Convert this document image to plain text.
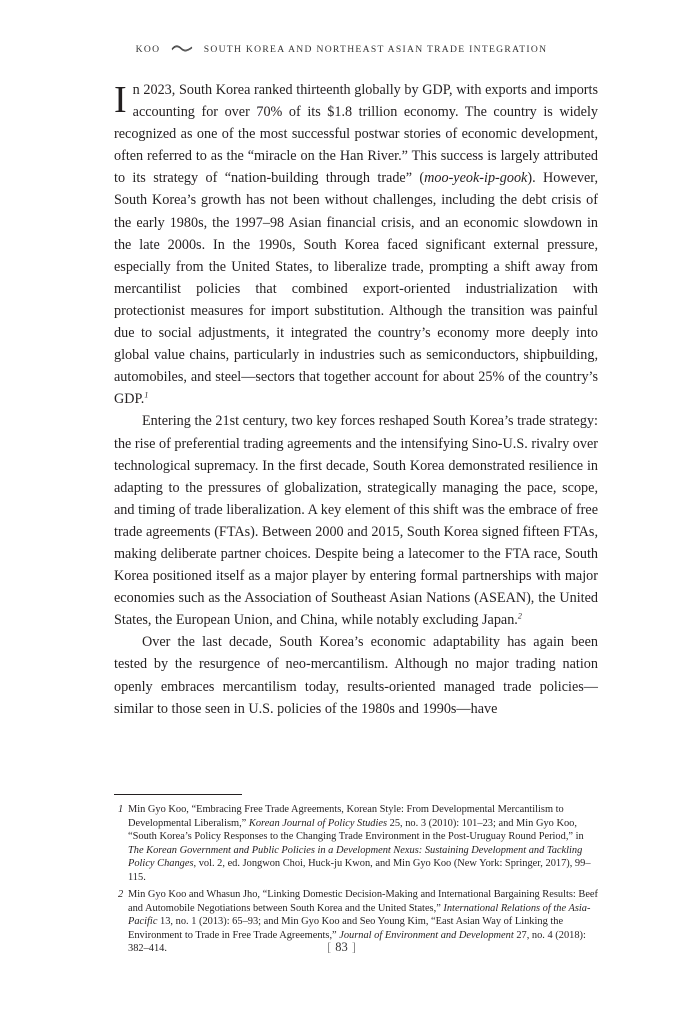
KOO	SOUTH KOREA AND NORTHEAST ASIAN TRADE INTEGRATION

In 2023, South Korea ranked thirteenth globally by GDP, with exports and imports accounting for over 70% of its $1.8 trillion economy. The country is widely recognized as one of the most successful postwar stories of economic development, often referred to as the “miracle on the Han River.” This success is largely attributed to its strategy of “nation-building through trade” (moo-yeok-ip-gook). However, South Korea’s growth has not been without challenges, including the debt crisis of the early 1980s, the 1997–98 Asian financial crisis, and an economic slowdown in the late 2000s. In the 1990s, South Korea faced significant external pressure, especially from the United States, to liberalize trade, prompting a shift away from mercantilist policies that combined export-oriented industrialization with protectionist measures for import substitution. Although the transition was painful due to social adjustments, it integrated the country’s economy more deeply into global value chains, particularly in industries such as semiconductors, shipbuilding, automobiles, and steel—sectors that together account for about 25% of the country’s GDP.$^1$

Entering the 21st century, two key forces reshaped South Korea’s trade strategy: the rise of preferential trading agreements and the intensifying Sino-U.S. rivalry over technological supremacy. In the first decade, South Korea demonstrated resilience in adapting to the pressures of globalization, strategically managing the pace, scope, and timing of trade liberalization. A key element of this shift was the embrace of free trade agreements (FTAs). Between 2000 and 2015, South Korea signed fifteen FTAs, making deliberate partner choices. Despite being a latecomer to the FTA race, South Korea positioned itself as a major player by entering formal partnerships with major economies such as the Association of Southeast Asian Nations (ASEAN), the United States, the European Union, and China, while notably excluding Japan.$^2$

Over the last decade, South Korea’s economic adaptability has again been tested by the resurgence of neo-mercantilism. Although no major trading nation openly embraces mercantilism today, results-oriented managed trade policies—similar to those seen in U.S. policies of the 1980s and 1990s—have

1 Min Gyo Koo, “Embracing Free Trade Agreements, Korean Style: From Developmental Mercantilism to Developmental Liberalism,” Korean Journal of Policy Studies 25, no. 3 (2010): 101–23; and Min Gyo Koo, “South Korea’s Policy Responses to the Changing Trade Environment in the Post-Uruguay Round Period,” in The Korean Government and Public Policies in a Development Nexus: Sustaining Development and Tackling Policy Changes, vol. 2, ed. Jongwon Choi, Huck-ju Kwon, and Min Gyo Koo (New York: Springer, 2017), 99–115.
2 Min Gyo Koo and Whasun Jho, “Linking Domestic Decision-Making and International Bargaining Results: Beef and Automobile Negotiations between South Korea and the United States,” International Relations of the Asia-Pacific 13, no. 1 (2013): 65–93; and Min Gyo Koo and Seo Young Kim, “East Asian Way of Linking the Environment to Trade in Free Trade Agreements,” Journal of Environment and Development 27, no. 4 (2018): 382–414.	[ 83 ]
